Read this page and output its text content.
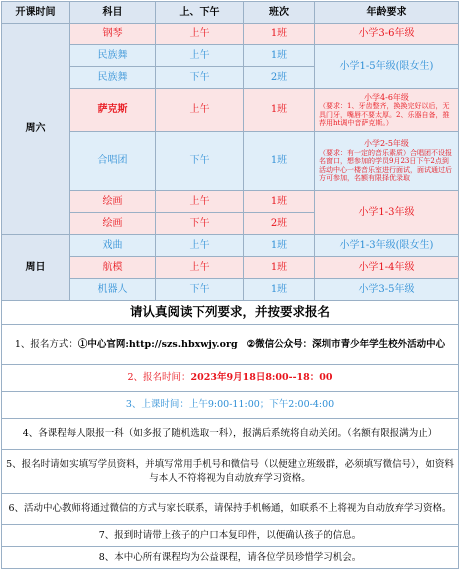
开课时间	科目	上、下午	班次	年龄要求
周六	钢琴	上午	1班	小学3-6年级
	民族舞	上午	1班	小学1-5年级(限女生)
	民族舞	下午	2班	
	萨克斯	上午	1班	小学4-6年级
（要求：1、牙齿整齐，换换完好以后，无具门牙，嘴唇不要太厚。2、乐器自备，推荐用ht调中音萨克斯。）
	合唱团	下午	1班	小学2-5年级
（要求：有一定的音乐素质）合唱团不设报名窗口，想参加的学员9月23日下午2点到活动中心一楼音乐室进行面试，面试通过后方可参加，名额有限择优录取
	绘画	上午	1班	小学1-3年级
	绘画	下午	2班	
周日	戏曲	上午	1班	小学1-3年级(限女生)
	航模	上午	1班	小学1-4年级
	机器人	下午	1班	小学3-5年级
请认真阅读下列要求，并按要求报名				
1、报名方式：①中心官网:http://szs.hbxwjy.org ②微信公众号：深圳市青少年学生校外活动中心				
2、报名时间：2023年9月18日8:00--18：00				
3、上课时间：上午9:00-11:00；下午2:00-4:00				
4、各课程每人限报一科（如多报了随机选取一科），报满后系统将自动关闭。（名额有限报满为止）				
5、报名时请如实填写学员资料，并填写常用手机号和微信号（以便建立班级群，必须填写微信号），如资料与本人不符将视为自动放弃学习资格。				
6、活动中心教师将通过微信的方式与家长联系，请保持手机畅通，如联系不上将视为自动放弃学习资格。				
7、报到时请带上孩子的户口本复印件，以便确认孩子的信息。				
8、本中心所有课程均为公益课程，请各位学员珍惜学习机会。				
